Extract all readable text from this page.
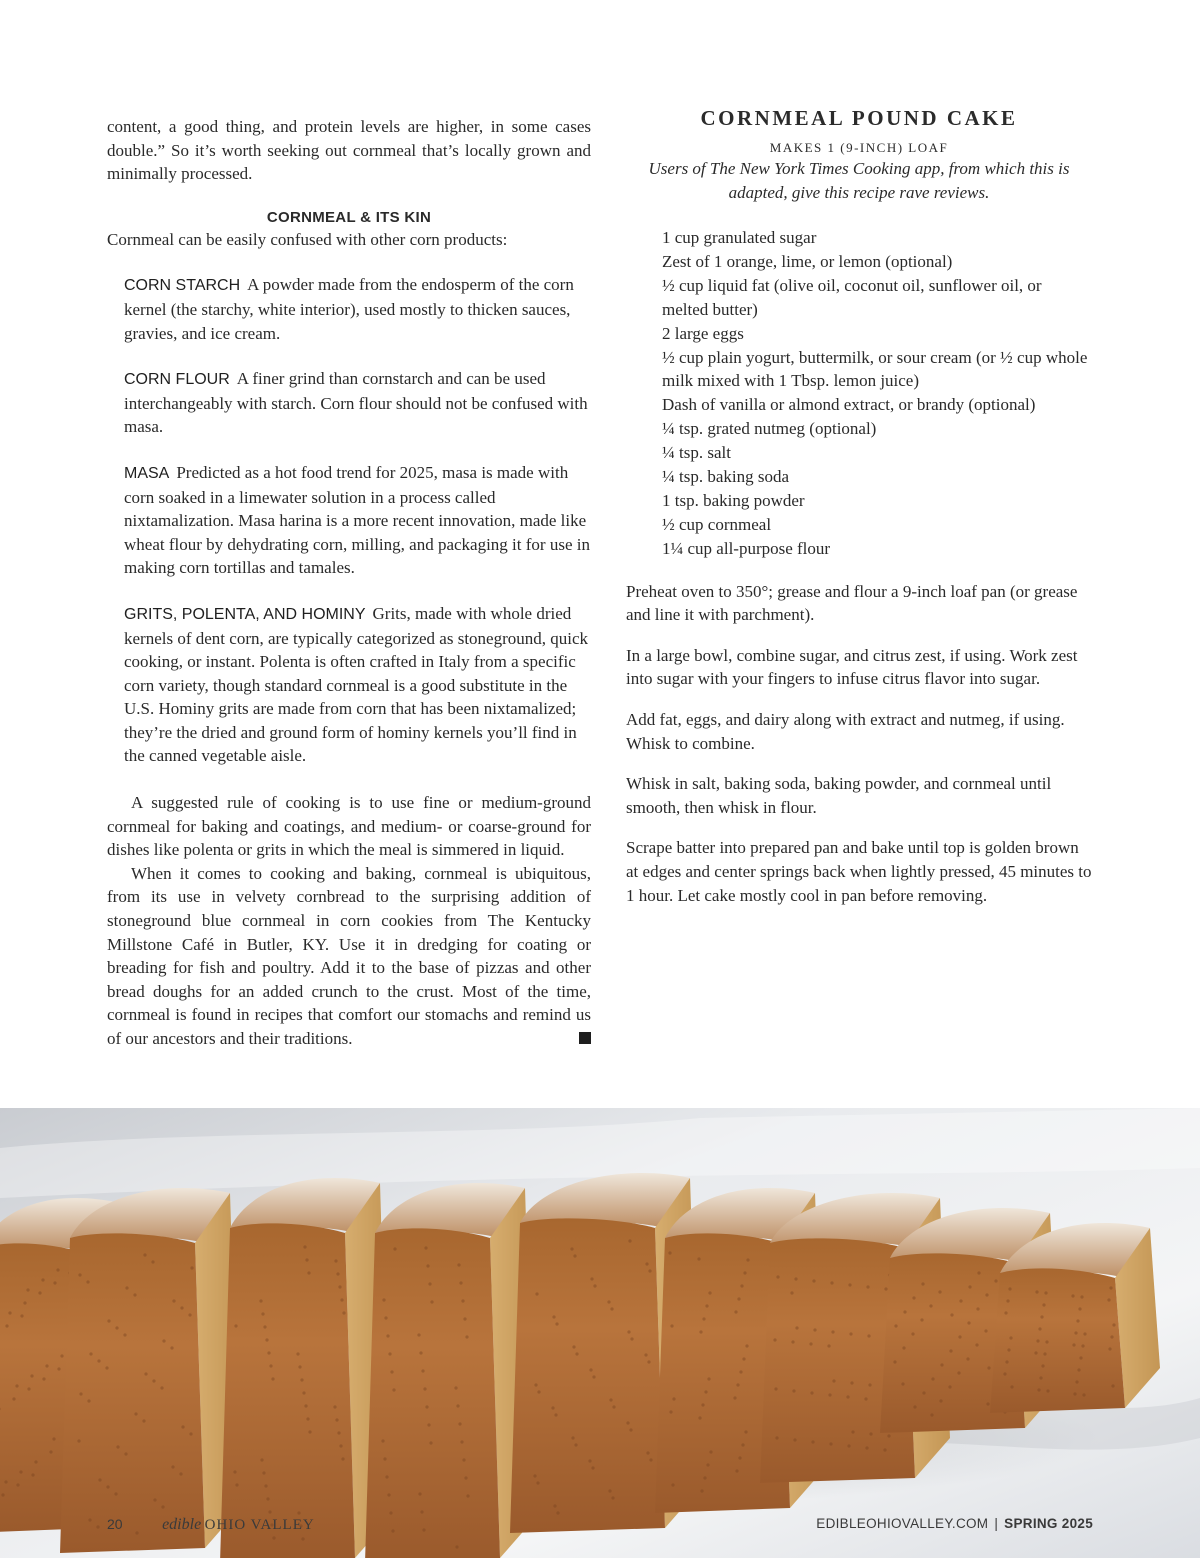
content, a good thing, and protein levels are higher, in some cases double.” So it’s worth seeking out cornmeal that’s locally grown and minimally processed.

CORNMEAL & ITS KIN

Cornmeal can be easily confused with other corn products:

CORN STARCH A powder made from the endosperm of the corn kernel (the starchy, white interior), used mostly to thicken sauces, gravies, and ice cream.

CORN FLOUR A finer grind than cornstarch and can be used interchangeably with starch. Corn flour should not be confused with masa.

MASA Predicted as a hot food trend for 2025, masa is made with corn soaked in a limewater solution in a process called nixtamalization. Masa harina is a more recent innovation, made like wheat flour by dehydrating corn, milling, and packaging it for use in making corn tortillas and tamales.

GRITS, POLENTA, AND HOMINY Grits, made with whole dried kernels of dent corn, are typically categorized as stoneground, quick cooking, or instant. Polenta is often crafted in Italy from a specific corn variety, though standard cornmeal is a good substitute in the U.S. Hominy grits are made from corn that has been nixtamalized; they’re the dried and ground form of hominy kernels you’ll find in the canned vegetable aisle.

A suggested rule of cooking is to use fine or medium-ground cornmeal for baking and coatings, and medium- or coarse-ground for dishes like polenta or grits in which the meal is simmered in liquid.

When it comes to cooking and baking, cornmeal is ubiquitous, from its use in velvety cornbread to the surprising addition of stoneground blue cornmeal in corn cookies from The Kentucky Millstone Café in Butler, KY. Use it in dredging for coating or breading for fish and poultry. Add it to the base of pizzas and other bread doughs for an added crunch to the crust. Most of the time, cornmeal is found in recipes that comfort our stomachs and remind us of our ancestors and their traditions.

CORNMEAL POUND CAKE

MAKES 1 (9-INCH) LOAF

Users of The New York Times Cooking app, from which this is adapted, give this recipe rave reviews.

1 cup granulated sugar
Zest of 1 orange, lime, or lemon (optional)
½ cup liquid fat (olive oil, coconut oil, sunflower oil, or melted butter)
2 large eggs
½ cup plain yogurt, buttermilk, or sour cream (or ½ cup whole milk mixed with 1 Tbsp. lemon juice)
Dash of vanilla or almond extract, or brandy (optional)
¼ tsp. grated nutmeg (optional)
¼ tsp. salt
¼ tsp. baking soda
1 tsp. baking powder
½ cup cornmeal
1¼ cup all-purpose flour

Preheat oven to 350°; grease and flour a 9-inch loaf pan (or grease and line it with parchment).

In a large bowl, combine sugar, and citrus zest, if using. Work zest into sugar with your fingers to infuse citrus flavor into sugar.

Add fat, eggs, and dairy along with extract and nutmeg, if using. Whisk to combine.

Whisk in salt, baking soda, baking powder, and cornmeal until smooth, then whisk in flour.

Scrape batter into prepared pan and bake until top is golden brown at edges and center springs back when lightly pressed, 45 minutes to 1 hour. Let cake mostly cool in pan before removing.

20 edible OHIO VALLEY	EDIBLEOHIOVALLEY.COM | SPRING 2025
